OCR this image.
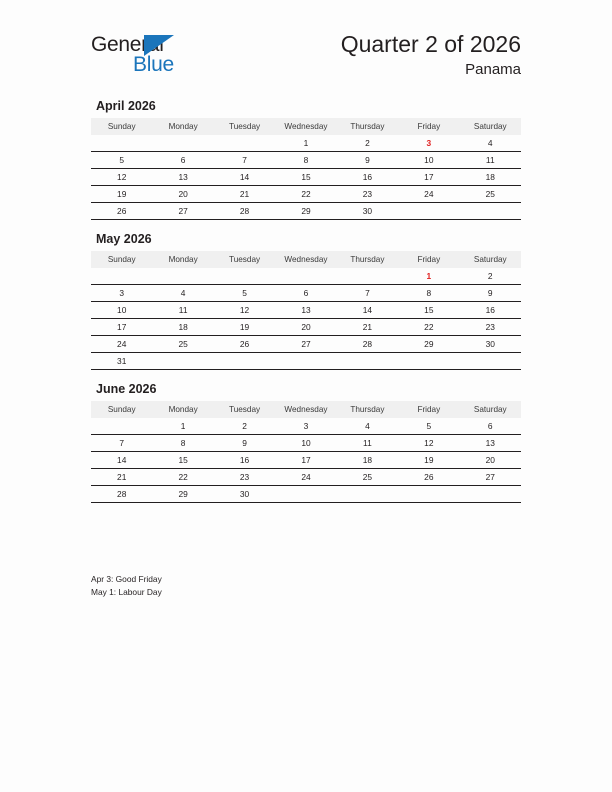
General
Blue
Quarter 2 of 2026
Panama
April 2026
Sunday	Monday	Tuesday	Wednesday	Thursday	Friday	Saturday
			1	2	3	4
5	6	7	8	9	10	11
12	13	14	15	16	17	18
19	20	21	22	23	24	25
26	27	28	29	30		
May 2026
Sunday	Monday	Tuesday	Wednesday	Thursday	Friday	Saturday
					1	2
3	4	5	6	7	8	9
10	11	12	13	14	15	16
17	18	19	20	21	22	23
24	25	26	27	28	29	30
31						
June 2026
Sunday	Monday	Tuesday	Wednesday	Thursday	Friday	Saturday
	1	2	3	4	5	6
7	8	9	10	11	12	13
14	15	16	17	18	19	20
21	22	23	24	25	26	27
28	29	30				
Apr 3: Good Friday
May 1: Labour Day
